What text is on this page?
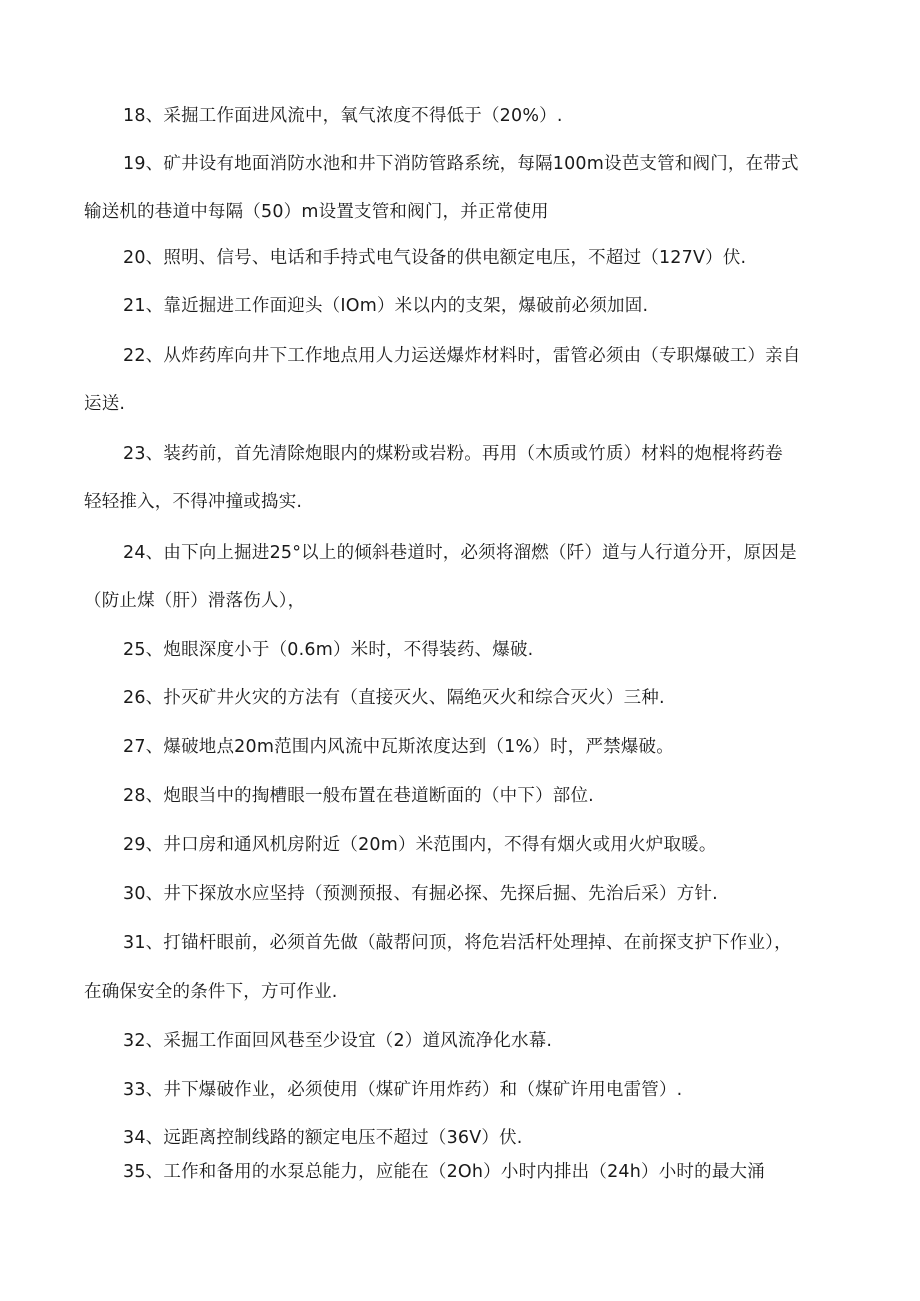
18、采掘工作面进风流中，氧气浓度不得低于（20%）.
19、矿井设有地面消防水池和井下消防管路系统，每隔100m设芭支管和阀门，在带式
输送机的巷道中每隔（50）m设置支管和阀门，并正常使用
20、照明、信号、电话和手持式电气设备的供电额定电压，不超过（127V）伏.
21、靠近掘进工作面迎头（IOm）米以内的支架，爆破前必须加固.
22、从炸药库向井下工作地点用人力运送爆炸材料时，雷管必须由（专职爆破工）亲自
运送.
23、装药前，首先清除炮眼内的煤粉或岩粉。再用（木质或竹质）材料的炮棍将药卷
轻轻推入，不得冲撞或捣实.
24、由下向上掘进25°以上的倾斜巷道时，必须将溜燃（阡）道与人行道分开，原因是
（防止煤（肝）滑落伤人），
25、炮眼深度小于（0.6m）米时，不得装药、爆破.
26、扑灭矿井火灾的方法有（直接灭火、隔绝灭火和综合灭火）三种.
27、爆破地点20m范围内风流中瓦斯浓度达到（1%）时，严禁爆破。
28、炮眼当中的掏槽眼一般布置在巷道断面的（中下）部位.
29、井口房和通风机房附近（20m）米范围内，不得有烟火或用火炉取暖。
30、井下探放水应坚持（预测预报、有掘必探、先探后掘、先治后采）方针.
31、打锚杆眼前，必须首先做（敲帮问顶，将危岩活杆处理掉、在前探支护下作业），
在确保安全的条件下，方可作业.
32、采掘工作面回风巷至少设宜（2）道风流净化水幕.
33、井下爆破作业，必须使用（煤矿许用炸药）和（煤矿许用电雷管）.
34、远距离控制线路的额定电压不超过（36V）伏.
35、工作和备用的水泵总能力，应能在（2Oh）小时内排出（24h）小时的最大涌
